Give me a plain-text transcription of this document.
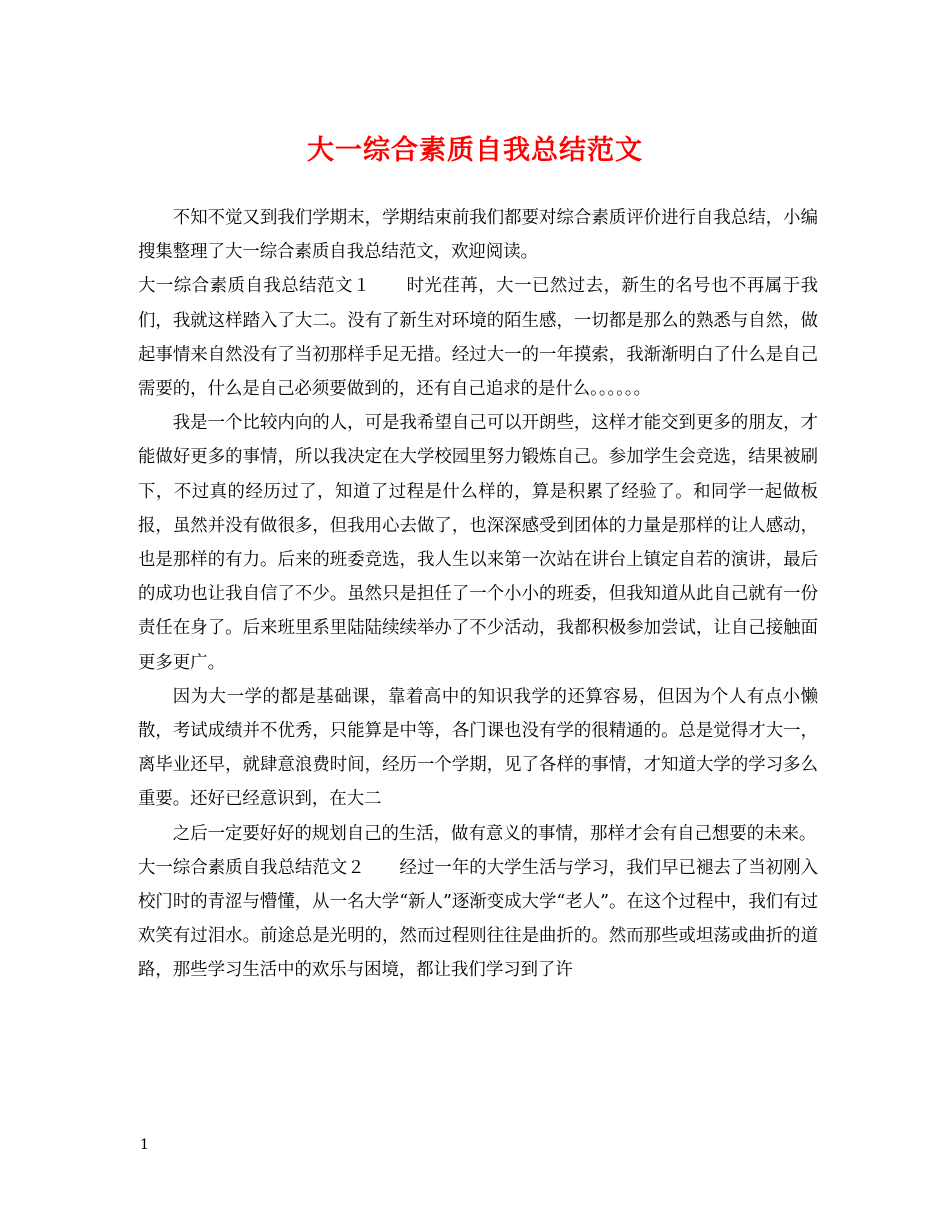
大一综合素质自我总结范文

不知不觉又到我们学期末，学期结束前我们都要对综合素质评价进行自我总结，小编搜集整理了大一综合素质自我总结范文，欢迎阅读。

大一综合素质自我总结范文１　　时光荏苒，大一已然过去，新生的名号也不再属于我们，我就这样踏入了大二。没有了新生对环境的陌生感，一切都是那么的熟悉与自然，做起事情来自然没有了当初那样手足无措。经过大一的一年摸索，我渐渐明白了什么是自己需要的，什么是自己必须要做到的，还有自己追求的是什么。。。。。。

我是一个比较内向的人，可是我希望自己可以开朗些，这样才能交到更多的朋友，才能做好更多的事情，所以我决定在大学校园里努力锻炼自己。参加学生会竞选，结果被刷下，不过真的经历过了，知道了过程是什么样的，算是积累了经验了。和同学一起做板报，虽然并没有做很多，但我用心去做了，也深深感受到团体的力量是那样的让人感动，也是那样的有力。后来的班委竞选，我人生以来第一次站在讲台上镇定自若的演讲，最后的成功也让我自信了不少。虽然只是担任了一个小小的班委，但我知道从此自己就有一份责任在身了。后来班里系里陆陆续续举办了不少活动，我都积极参加尝试，让自己接触面更多更广。

因为大一学的都是基础课，靠着高中的知识我学的还算容易，但因为个人有点小懒散，考试成绩并不优秀，只能算是中等，各门课也没有学的很精通的。总是觉得才大一，离毕业还早，就肆意浪费时间，经历一个学期，见了各样的事情，才知道大学的学习多么重要。还好已经意识到，在大二

之后一定要好好的规划自己的生活，做有意义的事情，那样才会有自己想要的未来。

大一综合素质自我总结范文２　　经过一年的大学生活与学习，我们早已褪去了当初刚入校门时的青涩与懵懂，从一名大学“新人”逐渐变成大学“老人”。在这个过程中，我们有过欢笑有过泪水。前途总是光明的，然而过程则往往是曲折的。然而那些或坦荡或曲折的道路，那些学习生活中的欢乐与困境，都让我们学习到了许

1
